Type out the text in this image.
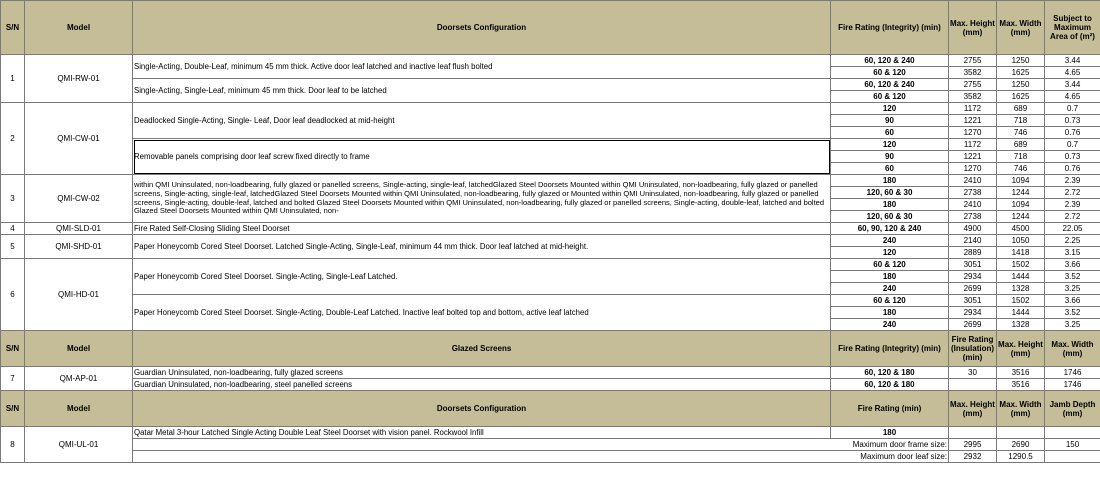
S/N	Model	Doorsets Configuration	Fire Rating (Integrity) (min)	Max. Height (mm)	Max. Width (mm)	Subject to Maximum Area of (m²)
1	QMI-RW-01	Single-Acting, Double-Leaf, minimum 45 mm thick. Active door leaf latched and inactive leaf flush bolted	60, 120 & 240	2755	1250	3.44
			60 & 120	3582	1625	4.65
		Single-Acting, Single-Leaf, minimum 45 mm thick. Door leaf to be latched	60, 120 & 240	2755	1250	3.44
			60 & 120	3582	1625	4.65
2	QMI-CW-01	Deadlocked Single-Acting, Single- Leaf, Door leaf deadlocked at mid-height	120	1172	689	0.7
			90	1221	718	0.73
			60	1270	746	0.76
		Removable panels comprising door leaf screw fixed directly to frame	120	1172	689	0.7
			90	1221	718	0.73
			60	1270	746	0.76
3	QMI-CW-02	within QMI Uninsulated, non-loadbearing, fully glazed or panelled screens, Single-acting, single-leaf, latchedGlazed Steel Doorsets Mounted within QMI Uninsulated, non-loadbearing, fully glazed or panelled screens, Single-acting, single-leaf, latchedGlazed Steel Doorsets Mounted within QMI Uninsulated, non-loadbearing, fully glazed or Mounted within QMI Uninsulated, non-loadbearing, fully glazed or panelled screens, Single-acting, double-leaf, latched and bolted Glazed Steel Doorsets Mounted within QMI Uninsulated, non-loadbearing, fully glazed or panelled screens, Single-acting, double-leaf, latched and bolted Glazed Steel Doorsets Mounted within QMI Uninsulated, non-	180	2410	1094	2.39
			120, 60 & 30	2738	1244	2.72
			180	2410	1094	2.39
			120, 60 & 30	2738	1244	2.72
4	QMI-SLD-01	Fire Rated Self-Closing Sliding Steel Doorset	60, 90, 120 & 240	4900	4500	22.05
5	QMI-SHD-01	Paper Honeycomb Cored Steel Doorset. Latched Single-Acting, Single-Leaf, minimum 44 mm thick. Door leaf latched at mid-height.	240	2140	1050	2.25
			120	2889	1418	3.15
6	QMI-HD-01	Paper Honeycomb Cored Steel Doorset. Single-Acting, Single-Leaf Latched.	60 & 120	3051	1502	3.66
			180	2934	1444	3.52
			240	2699	1328	3.25
		Paper Honeycomb Cored Steel Doorset. Single-Acting, Double-Leaf Latched. Inactive leaf bolted top and bottom, active leaf latched	60 & 120	3051	1502	3.66
			180	2934	1444	3.52
			240	2699	1328	3.25
S/N	Model	Glazed Screens	Fire Rating (Integrity) (min)	Fire Rating (Insulation) (min)	Max. Height (mm)	Max. Width (mm)
7	QM-AP-01	Guardian Uninsulated, non-loadbearing, fully glazed screens	60, 120 & 180	30	3516	1746
		Guardian Uninsulated, non-loadbearing, steel panelled screens	60, 120 & 180		3516	1746
S/N	Model	Doorsets Configuration	Fire Rating (min)	Max. Height (mm)	Max. Width (mm)	Jamb Depth (mm)
8	QMI-UL-01	Qatar Metal 3-hour Latched Single Acting Double Leaf Steel Doorset with vision panel. Rockwool Infill	180			
		Maximum door frame size:		2995	2690	150
		Maximum door leaf size:		2932	1290.5	
